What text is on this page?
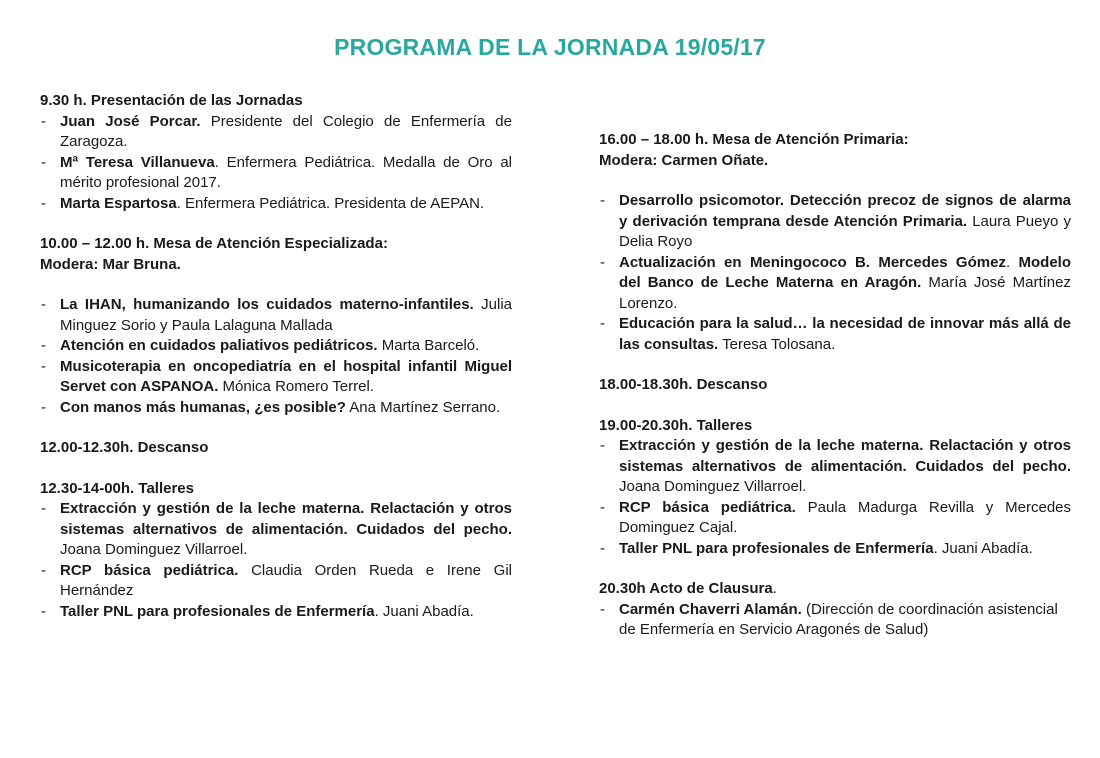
PROGRAMA DE LA JORNADA 19/05/17
9.30 h. Presentación de las Jornadas
- Juan José Porcar. Presidente del Colegio de Enfermería de Zaragoza.
- Mª Teresa Villanueva. Enfermera Pediátrica. Medalla de Oro al mérito profesional 2017.
- Marta Espartosa. Enfermera Pediátrica. Presidenta de AEPAN.
10.00 – 12.00 h. Mesa de Atención Especializada:
Modera: Mar Bruna.
- La IHAN, humanizando los cuidados materno-infantiles. Julia Minguez Sorio y Paula Lalaguna Mallada
- Atención en cuidados paliativos pediátricos. Marta Barceló.
- Musicoterapia en oncopediatría en el hospital infantil Miguel Servet con ASPANOA. Mónica Romero Terrel.
- Con manos más humanas, ¿es posible? Ana Martínez Serrano.
12.00-12.30h. Descanso
12.30-14-00h. Talleres
- Extracción y gestión de la leche materna. Relactación y otros sistemas alternativos de alimentación. Cuidados del pecho. Joana Dominguez Villarroel.
- RCP básica pediátrica. Claudia Orden Rueda e Irene Gil Hernández
- Taller PNL para profesionales de Enfermería. Juani Abadía.
16.00 – 18.00 h. Mesa de Atención Primaria:
Modera: Carmen Oñate.
- Desarrollo psicomotor. Detección precoz de signos de alarma y derivación temprana desde Atención Primaria. Laura Pueyo y Delia Royo
- Actualización en Meningococo B. Mercedes Gómez. Modelo del Banco de Leche Materna en Aragón. María José Martínez Lorenzo.
- Educación para la salud… la necesidad de innovar más allá de las consultas. Teresa Tolosana.
18.00-18.30h. Descanso
19.00-20.30h. Talleres
- Extracción y gestión de la leche materna. Relactación y otros sistemas alternativos de alimentación. Cuidados del pecho. Joana Dominguez Villarroel.
- RCP básica pediátrica. Paula Madurga Revilla y Mercedes Dominguez Cajal.
- Taller PNL para profesionales de Enfermería. Juani Abadía.
20.30h Acto de Clausura.
- Carmén Chaverri Alamán. (Dirección de coordinación asistencial de Enfermería en Servicio Aragonés de Salud)
